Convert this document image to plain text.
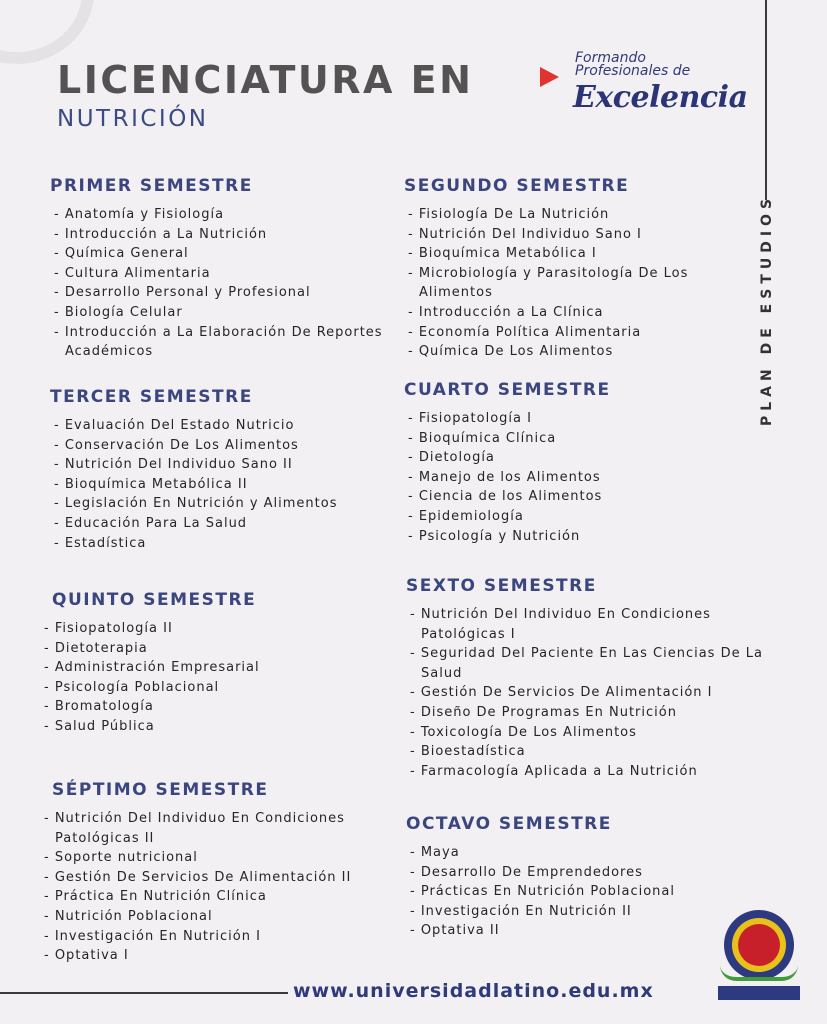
LICENCIATURA EN
NUTRICIÓN
Formando
Profesionales de
Excelencia
PLAN DE ESTUDIOS
PRIMER SEMESTRE
- Anatomía y Fisiología
- Introducción a La Nutrición
- Química General
- Cultura Alimentaria
- Desarrollo Personal y Profesional
- Biología Celular
- Introducción a La Elaboración De Reportes Académicos
SEGUNDO SEMESTRE
- Fisiología De La Nutrición
- Nutrición Del Individuo Sano I
- Bioquímica Metabólica I
- Microbiología y Parasitología De Los Alimentos
- Introducción a La Clínica
- Economía Política Alimentaria
- Química De Los Alimentos
TERCER SEMESTRE
- Evaluación Del Estado Nutricio
- Conservación De Los Alimentos
- Nutrición Del Individuo Sano II
- Bioquímica Metabólica II
- Legislación En Nutrición y Alimentos
- Educación Para La Salud
- Estadística
CUARTO SEMESTRE
- Fisiopatología I
- Bioquímica Clínica
- Dietología
- Manejo de los Alimentos
- Ciencia de los Alimentos
- Epidemiología
- Psicología y Nutrición
QUINTO SEMESTRE
- Fisiopatología II
- Dietoterapia
- Administración Empresarial
- Psicología Poblacional
- Bromatología
- Salud Pública
SEXTO SEMESTRE
- Nutrición Del Individuo En Condiciones Patológicas I
- Seguridad Del Paciente En Las Ciencias De La Salud
- Gestión De Servicios De Alimentación I
- Diseño De Programas En Nutrición
- Toxicología De Los Alimentos
- Bioestadística
- Farmacología Aplicada a La Nutrición
SÉPTIMO SEMESTRE
- Nutrición Del Individuo En Condiciones Patológicas II
- Soporte nutricional
- Gestión De Servicios De Alimentación II
- Práctica En Nutrición Clínica
- Nutrición Poblacional
- Investigación En Nutrición I
- Optativa I
OCTAVO SEMESTRE
- Maya
- Desarrollo De Emprendedores
- Prácticas En Nutrición Poblacional
- Investigación En Nutrición II
- Optativa II
www.universidadlatino.edu.mx
